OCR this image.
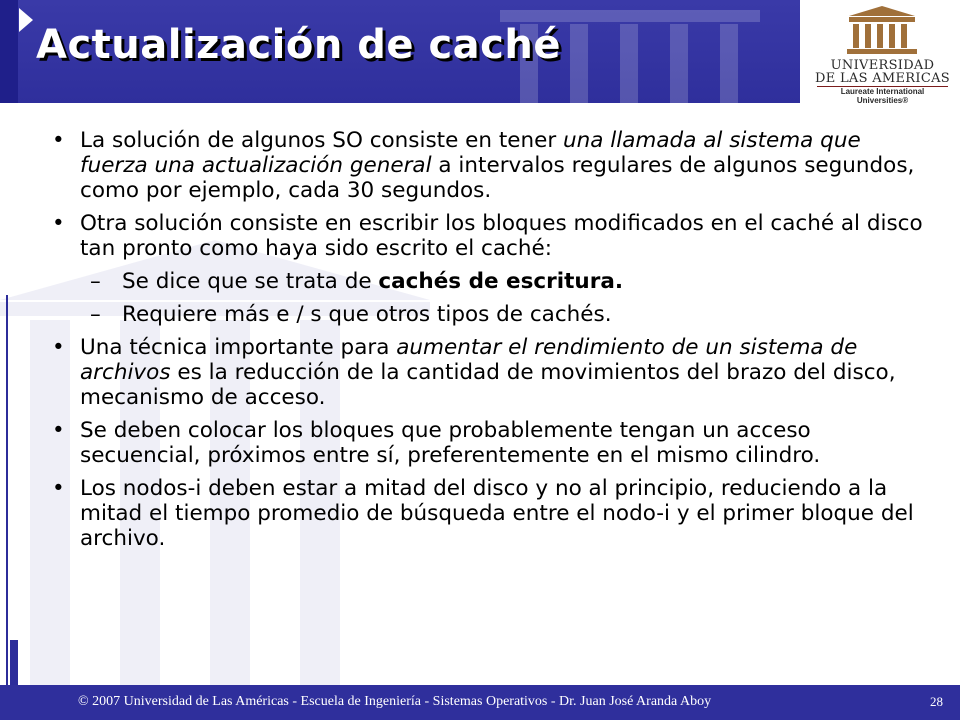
Actualización de caché	UNIVERSIDAD
DE LAS AMERICAS
Laureate International Universities®
• La solución de algunos SO consiste en tener una llamada al sistema que fuerza una actualización general a intervalos regulares de algunos segundos, como por ejemplo, cada 30 segundos.
• Otra solución consiste en escribir los bloques modificados en el caché al disco tan pronto como haya sido escrito el caché:
– Se dice que se trata de cachés de escritura.
– Requiere más e / s que otros tipos de cachés.
• Una técnica importante para aumentar el rendimiento de un sistema de archivos es la reducción de la cantidad de movimientos del brazo del disco, mecanismo de acceso.
• Se deben colocar los bloques que probablemente tengan un acceso secuencial, próximos entre sí, preferentemente en el mismo cilindro.
• Los nodos-i deben estar a mitad del disco y no al principio, reduciendo a la mitad el tiempo promedio de búsqueda entre el nodo-i y el primer bloque del archivo.
© 2007 Universidad de Las Américas - Escuela de Ingeniería - Sistemas Operativos - Dr. Juan José Aranda Aboy	28
